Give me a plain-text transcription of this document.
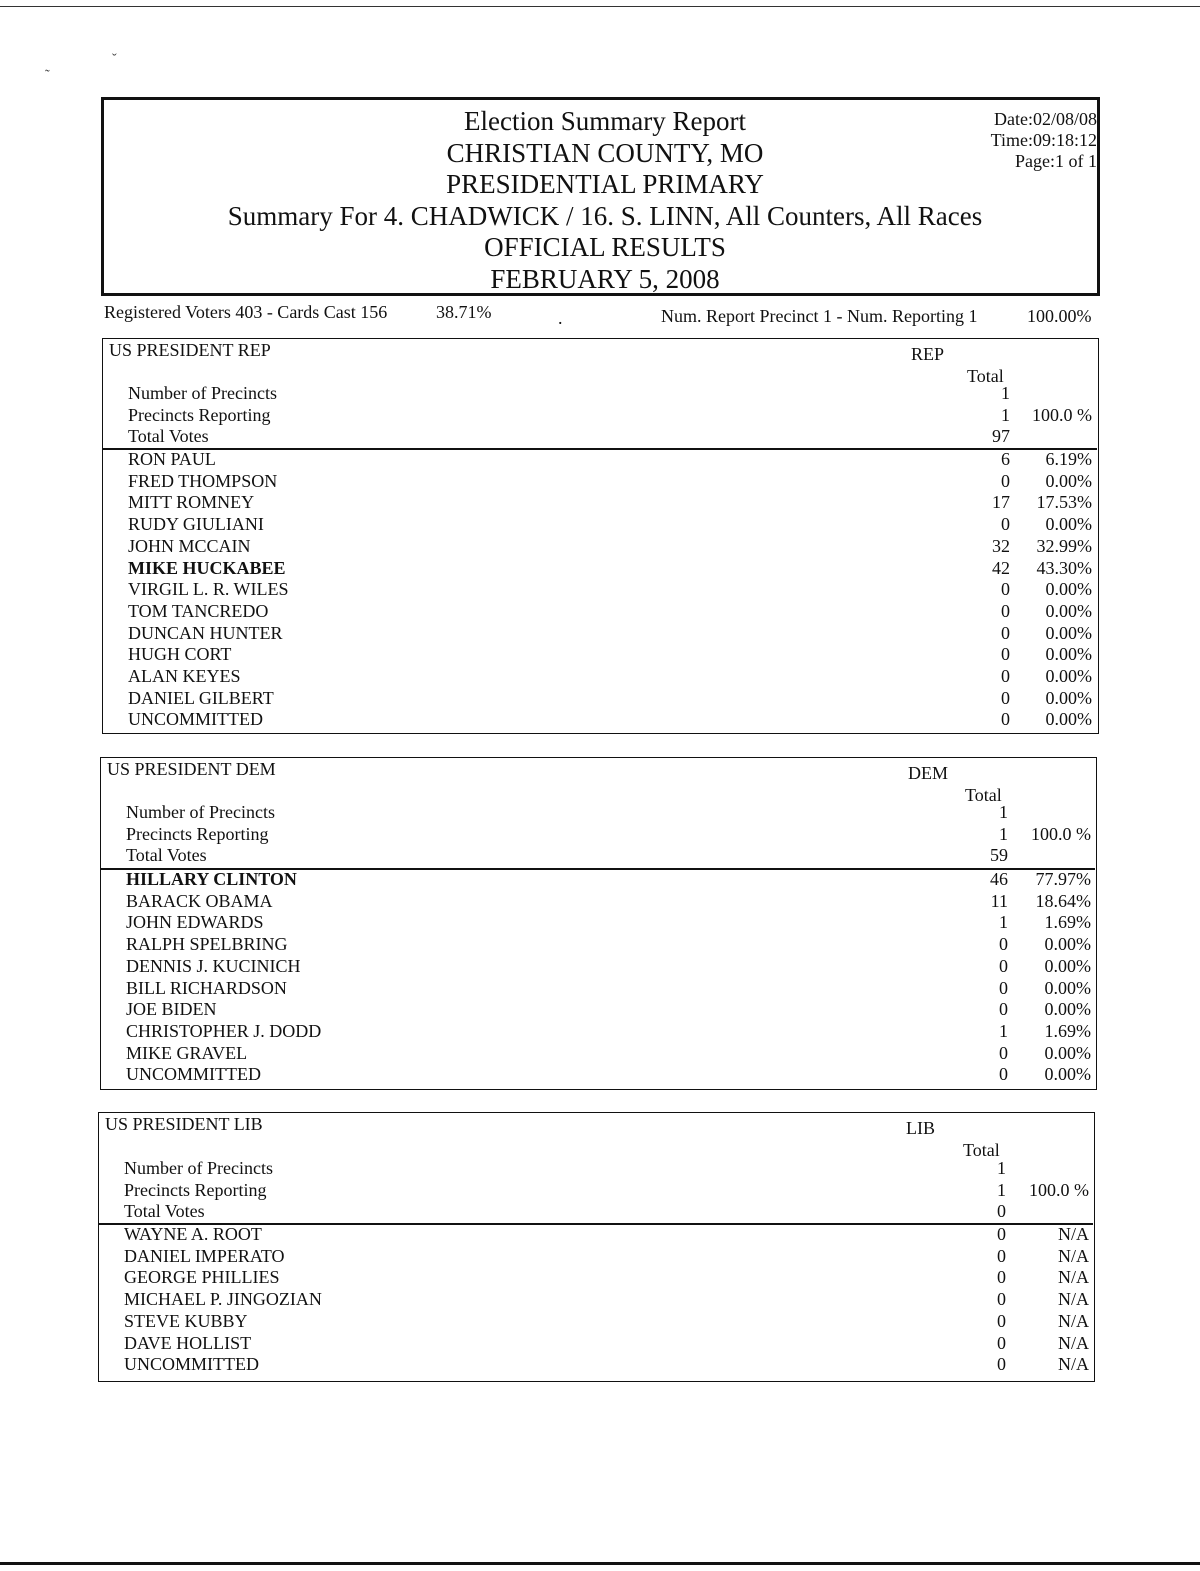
ˇ
˜
Election Summary Report
CHRISTIAN COUNTY, MO
PRESIDENTIAL PRIMARY
Summary For 4. CHADWICK / 16. S. LINN, All Counters, All Races
OFFICIAL RESULTS
FEBRUARY 5, 2008
Date:02/08/08
Time:09:18:12
Page:1 of 1
Registered Voters 403 - Cards Cast 156	38.71%	.	Num. Report Precinct 1 - Num. Reporting 1	100.00%
US PRESIDENT REP	REP
Total
Number of Precincts	1
Precincts Reporting	1 100.0 %
Total Votes	97
RON PAUL	6 6.19%
FRED THOMPSON	0 0.00%
MITT ROMNEY	17 17.53%
RUDY GIULIANI	0 0.00%
JOHN MCCAIN	32 32.99%
MIKE HUCKABEE	42 43.30%
VIRGIL L. R. WILES	0 0.00%
TOM TANCREDO	0 0.00%
DUNCAN HUNTER	0 0.00%
HUGH CORT	0 0.00%
ALAN KEYES	0 0.00%
DANIEL GILBERT	0 0.00%
UNCOMMITTED	0 0.00%
US PRESIDENT DEM	DEM
Total
Number of Precincts	1
Precincts Reporting	1 100.0 %
Total Votes	59
HILLARY CLINTON	46 77.97%
BARACK OBAMA	11 18.64%
JOHN EDWARDS	1 1.69%
RALPH SPELBRING	0 0.00%
DENNIS J. KUCINICH	0 0.00%
BILL RICHARDSON	0 0.00%
JOE BIDEN	0 0.00%
CHRISTOPHER J. DODD	1 1.69%
MIKE GRAVEL	0 0.00%
UNCOMMITTED	0 0.00%
US PRESIDENT LIB	LIB
Total
Number of Precincts	1
Precincts Reporting	1 100.0 %
Total Votes	0
WAYNE A. ROOT	0	N/A
DANIEL IMPERATO	0	N/A
GEORGE PHILLIES	0	N/A
MICHAEL P. JINGOZIAN	0	N/A
STEVE KUBBY	0	N/A
DAVE HOLLIST	0	N/A
UNCOMMITTED	0	N/A
